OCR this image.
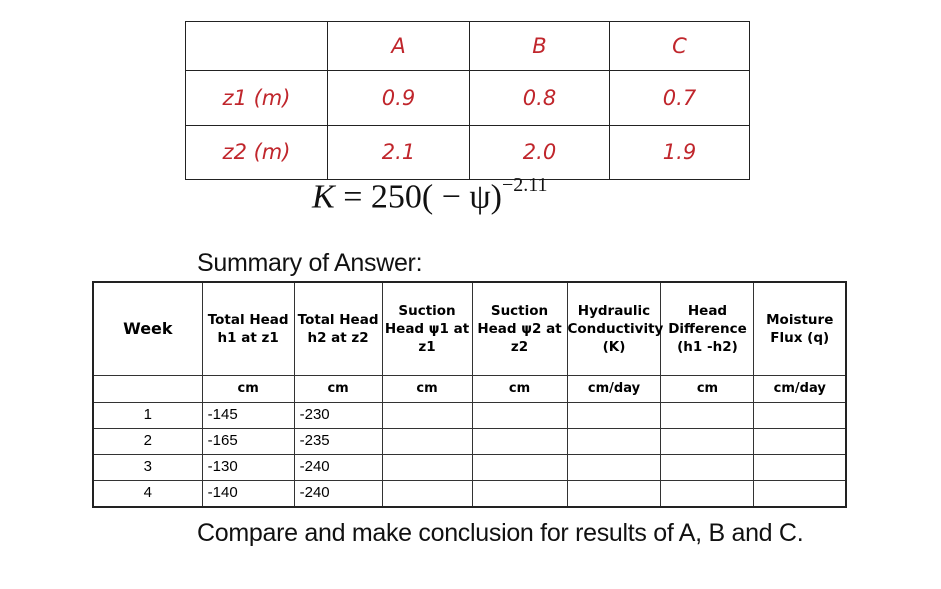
	A	B	C
z1 (m)	0.9	0.8	0.7
z2 (m)	2.1	2.0	1.9
$K = 250( - \psi)^{-2.11}$
Summary of Answer:
Week	Total Head h1 at z1	Total Head h2 at z2	Suction Head ψ1 at z1	Suction Head ψ2 at z2	Hydraulic Conductivity (K)	Head Difference (h1 -h2)	Moisture Flux (q)
	cm	cm	cm	cm	cm/day	cm	cm/day
1	-145	-230					
2	-165	-235					
3	-130	-240					
4	-140	-240					
Compare and make conclusion for results of A, B and C.
